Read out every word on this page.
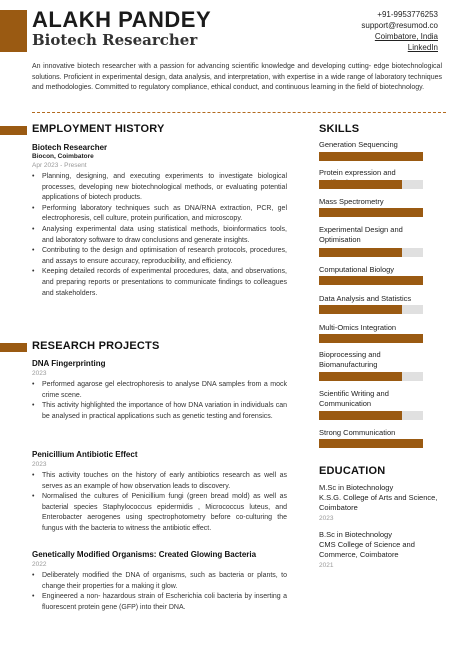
ALAKH PANDEY
Biotech Researcher
+91-9953776253
support@resumod.co
Coimbatore, India
LinkedIn
An innovative biotech researcher with a passion for advancing scientific knowledge and developing cutting- edge biotechnological solutions. Proficient in experimental design, data analysis, and interpretation, with expertise in a wide range of laboratory techniques and methodologies. Committed to regulatory compliance, ethical conduct, and continuous learning in the field of biotechnology.
EMPLOYMENT HISTORY
Biotech Researcher
Biocon, Coimbatore
Apr 2023 - Present
• Planning, designing, and executing experiments to investigate biological processes, developing new biotechnological methods, or evaluating potential applications of biotech products.
• Performing laboratory techniques such as DNA/RNA extraction, PCR, gel electrophoresis, cell culture, protein purification, and microscopy.
• Analysing experimental data using statistical methods, bioinformatics tools, and laboratory software to draw conclusions and generate insights.
• Contributing to the design and optimisation of research protocols, procedures, and assays to ensure accuracy, reproducibility, and efficiency.
• Keeping detailed records of experimental procedures, data, and observations, and preparing reports or presentations to communicate findings to colleagues and stakeholders.
RESEARCH PROJECTS
DNA Fingerprinting
2023
• Performed agarose gel electrophoresis to analyse DNA samples from a mock crime scene.
• This activity highlighted the importance of how DNA variation in individuals can be analysed in practical applications such as genetic testing and forensics.
Penicillium Antibiotic Effect
2023
• This activity touches on the history of early antibiotics research as well as serves as an example of how observation leads to discovery.
• Normalised the cultures of Penicillium fungi (green bread mold) as well as bacterial species Staphylococcus epidermidis , Micrococcus luteus, and Enterobacter aerogenes using spectrophotometry before co-culturing the fungus with the bacteria to witness the antibiotic effect.
Genetically Modified Organisms: Created Glowing Bacteria
2022
• Deliberately modified the DNA of organisms, such as bacteria or plants, to change their properties for a making it glow.
• Engineered a non- hazardous strain of Escherichia coli bacteria by inserting a fluorescent protein gene (GFP) into their DNA.
SKILLS
Generation Sequencing
Protein expression and
Mass Spectrometry
Experimental Design and Optimisation
Computational Biology
Data Analysis and Statistics
Multi-Omics Integration
Bioprocessing and Biomanufacturing
Scientific Writing and Communication
Strong Communication
EDUCATION
M.Sc in Biotechnology
K.S.G. College of Arts and Science, Coimbatore
2023
B.Sc in Biotechnology
CMS College of Science and Commerce, Coimbatore
2021
